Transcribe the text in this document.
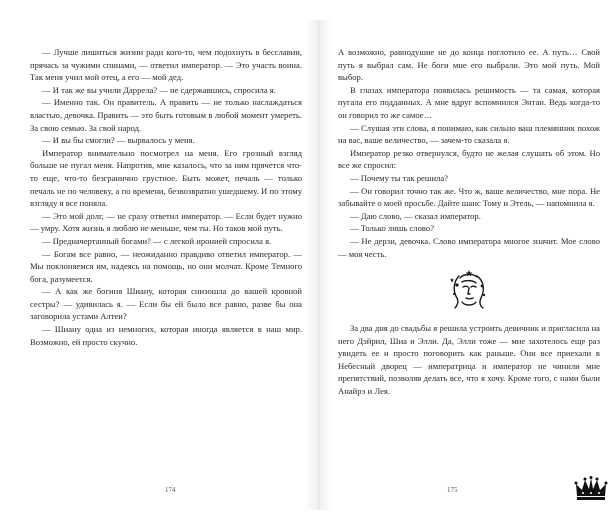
— Лучше лишиться жизни ради кого-то, чем подохнуть в бесславии, прячась за чужими спинами, — ответил император. — Это участь воина. Так меня учил мой отец, а его — мой дед.

— И так же вы учили Даррела? — не сдержавшись, спросила я.

— Именно так. Он правитель. А править — не только наслаждаться властью, девочка. Править — это быть готовым в любой момент умереть. За свою семью. За свой народ.

— И вы бы смогли? — вырвалось у меня.

Император внимательно посмотрел на меня. Его грозный взгляд больше не пугал меня. Напротив, мне казалось, что за ним прячется что-то еще, что-то безгранично грустное. Быть может, печаль — только печаль не по человеку, а по времени, безвозвратно ушедшему. И по этому взгляду я все поняла.

— Это мой долг, — не сразу ответил император. — Если будет нужно — умру. Хотя жизнь я люблю не меньше, чем ты. Но таков мой путь.

— Предначертанный богами? — с легкой иронией спросила я.

— Богам все равно, — неожиданно правдиво ответил император. — Мы поклоняемся им, надеясь на помощь, но они молчат. Кроме Темного бога, разумеется.

— А как же богиня Шиану, которая снизошла до вашей кровной сестры? — удивилась я. — Если бы ей было все равно, разве бы она заговорила устами Алтеи?

— Шиану одна из немногих, которая иногда является в наш мир. Возможно, ей просто скучно.

174

А возможно, равнодушие не до конца поглотило ее. А путь… Свой путь я выбрал сам. Не боги мне его выбрали. Это мой путь. Мой выбор.

В глазах императора появилась решимость — та самая, которая пугала его подданных. А мне вдруг вспомнился Энтан. Ведь когда-то он говорил то же самое…

— Слушая эти слова, я понимаю, как сильно ваш племянник похож на вас, ваше величество, — зачем-то сказала я.

Император резко отвернулся, будто не желая слушать об этом. Но все же спросил:

— Почему ты так решила?

— Он говорил точно так же. Что ж, ваше величество, мне пора. Не забывайте о моей просьбе. Дайте шанс Тому и Этель, — напомнила я.

— Даю слово, — сказал император.

— Только лишь слово?

— Не дерзи, девочка. Слово императора многое значит. Мое слово — моя честь.

За два дня до свадьбы я решила устроить девичник и пригласила на него Дэйрил, Шиа и Элли. Да, Элли тоже — мне захотелось еще раз увидеть ее и просто поговорить как раньше. Они все приехали в Небесный дворец — императрица и император не чинили мне препятствий, позволяя делать все, что я хочу. Кроме того, с нами были Анайрэ и Лея.

175
